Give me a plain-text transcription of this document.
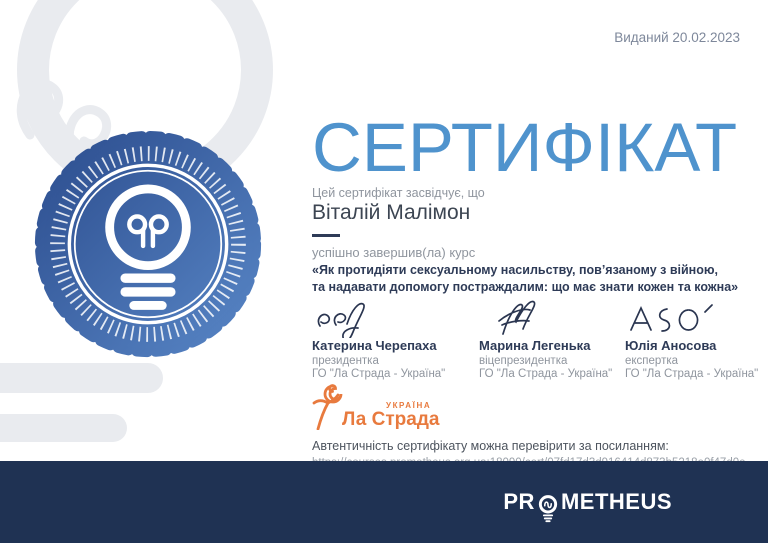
Виданий 20.02.2023
СЕРТИФІКАТ
Цей сертифікат засвідчує, що
Віталій Малімон
успішно завершив(ла) курс
«Як протидіяти сексуальному насильству, пов’язаному з війною,
та надавати допомогу постраждалим: що має знати кожен та кожна»
Катерина Черепаха
президентка
ГО "Ла Страда - Україна"
Марина Легенька
віцепрезидентка
ГО "Ла Страда - Україна"
Юлія Аносова
експертка
ГО "Ла Страда - Україна"
УКРАЇНА
Ла Страда
Автентичність сертифікату можна перевірити за посиланням:
PR METHEUS
